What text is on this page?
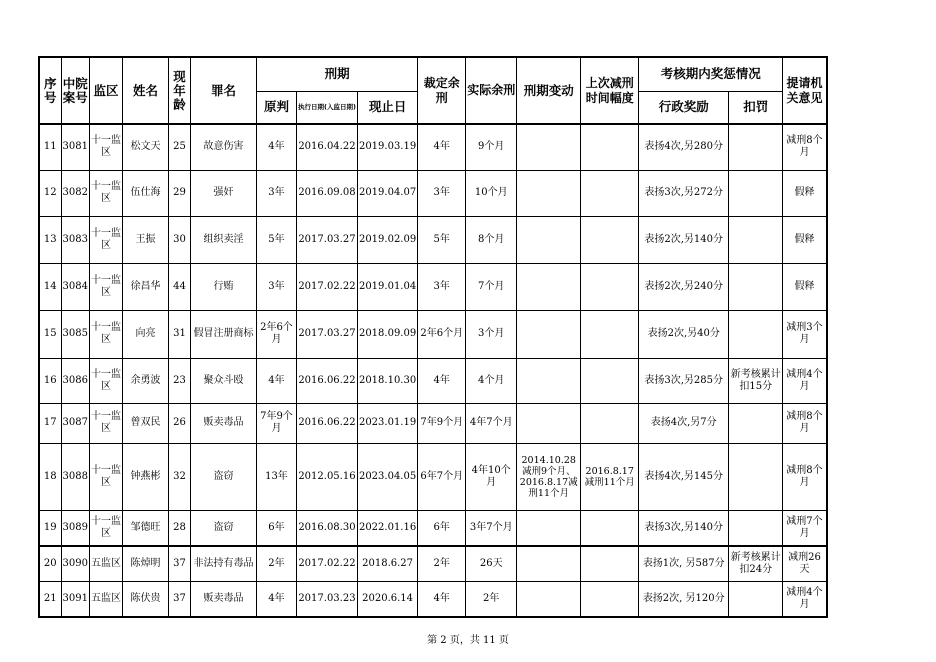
序号	中院案号	监区	姓名	现年龄	罪名	刑期			裁定余刑	实际余刑	刑期变动	上次减刑时间幅度	考核期内奖惩情况		提请机关意见
						原判	执行日期(入监日期)	现止日					行政奖励	扣罚	
11	3081	十一监区	松文天	25	故意伤害	4年	2016.04.22	2019.03.19	4年	9个月			表扬4次,另280分		减刑8个月
12	3082	十一监区	伍仕海	29	强奸	3年	2016.09.08	2019.04.07	3年	10个月			表扬3次,另272分		假释
13	3083	十一监区	王振	30	组织卖淫	5年	2017.03.27	2019.02.09	5年	8个月			表扬2次,另140分		假释
14	3084	十一监区	徐昌华	44	行贿	3年	2017.02.22	2019.01.04	3年	7个月			表扬2次,另240分		假释
15	3085	十一监区	向亮	31	假冒注册商标	2年6个月	2017.03.27	2018.09.09	2年6个月	3个月			表扬2次,另40分		减刑3个月
16	3086	十一监区	余勇波	23	聚众斗殴	4年	2016.06.22	2018.10.30	4年	4个月			表扬3次,另285分	新考核累计扣15分	减刑4个月
17	3087	十一监区	曾双民	26	贩卖毒品	7年9个月	2016.06.22	2023.01.19	7年9个月	4年7个月			表扬4次,另7分		减刑8个月
18	3088	十一监区	钟燕彬	32	盗窃	13年	2012.05.16	2023.04.05	6年7个月	4年10个月	2014.10.28减刑9个月、2016.8.17减刑11个月	2016.8.17减刑11个月	表扬4次,另145分		减刑8个月
19	3089	十一监区	邹德旺	28	盗窃	6年	2016.08.30	2022.01.16	6年	3年7个月			表扬3次,另140分		减刑7个月
20	3090	五监区	陈焯明	37	非法持有毒品	2年	2017.02.22	2018.6.27	2年	26天			表扬1次, 另587分	新考核累计扣24分	减刑26天
21	3091	五监区	陈伏贵	37	贩卖毒品	4年	2017.03.23	2020.6.14	4年	2年			表扬2次, 另120分		减刑4个月
第 2 页，共 11 页
